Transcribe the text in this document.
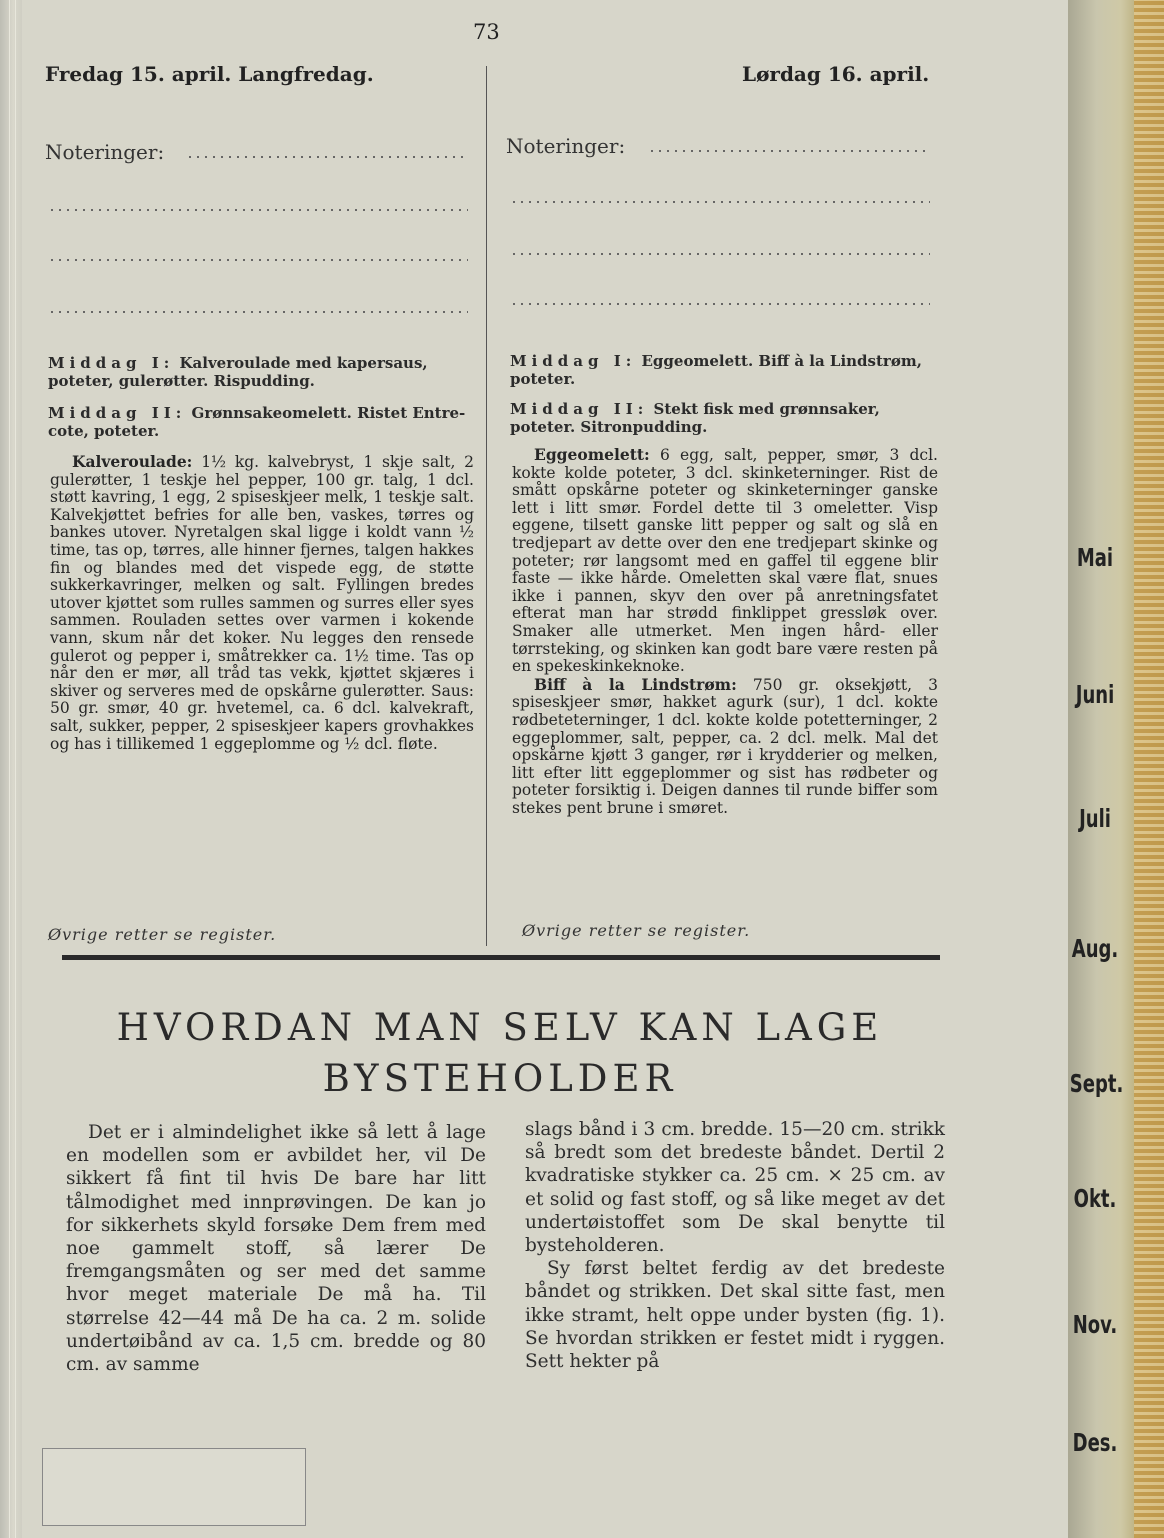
73
Fredag 15. april. Langfredag.
Noteringer:
Middag I: Kalveroulade med kapersaus, poteter, gulerøtter. Rispudding.
Middag II: Grønnsakeomelett. Ristet Entre-cote, poteter.

Kalveroulade: 1½ kg. kalvebryst, 1 skje salt, 2 gulerøtter, 1 teskje hel pepper, 100 gr. talg, 1 dcl. støtt kavring, 1 egg, 2 spiseskjeer melk, 1 teskje salt. Kalvekjøttet befries for alle ben, vaskes, tørres og bankes utover. Nyretalgen skal ligge i koldt vann ½ time, tas op, tørres, alle hinner fjernes, talgen hakkes fin og blandes med det vispede egg, de støtte sukkerkavringer, melken og salt. Fyllingen bredes utover kjøttet som rulles sammen og surres eller syes sammen. Rouladen settes over varmen i kokende vann, skum når det koker. Nu legges den rensede gulerot og pepper i, småtrekker ca. 1½ time. Tas op når den er mør, all tråd tas vekk, kjøttet skjæres i skiver og serveres med de opskårne gulerøtter. Saus: 50 gr. smør, 40 gr. hvetemel, ca. 6 dcl. kalvekraft, salt, sukker, pepper, 2 spiseskjeer kapers grovhakkes og has i tillikemed 1 eggeplomme og ½ dcl. fløte.

Øvrige retter se register.
Lørdag 16. april.
Noteringer:
Middag I: Eggeomelett. Biff à la Lindstrøm, poteter.
Middag II: Stekt fisk med grønnsaker, poteter. Sitronpudding.

Eggeomelett: 6 egg, salt, pepper, smør, 3 dcl. kokte kolde poteter, 3 dcl. skinketerninger. Rist de smått opskårne poteter og skinketerninger ganske lett i litt smør. Fordel dette til 3 omeletter. Visp eggene, tilsett ganske litt pepper og salt og slå en tredjepart av dette over den ene tredjepart skinke og poteter; rør langsomt med en gaffel til eggene blir faste — ikke hårde. Omeletten skal være flat, snues ikke i pannen, skyv den over på anretningsfatet efterat man har strødd finklippet gressløk over. Smaker alle utmerket. Men ingen hård- eller tørrsteking, og skinken kan godt bare være resten på en spekeskinkeknoke.

Biff à la Lindstrøm: 750 gr. oksekjøtt, 3 spiseskjeer smør, hakket agurk (sur), 1 dcl. kokte rødbeteterninger, 1 dcl. kokte kolde potetterninger, 2 eggeplommer, salt, pepper, ca. 2 dcl. melk. Mal det opskårne kjøtt 3 ganger, rør i krydderier og melken, litt efter litt eggeplommer og sist has rødbeter og poteter forsiktig i. Deigen dannes til runde biffer som stekes pent brune i smøret.

Øvrige retter se register.
HVORDAN MAN SELV KAN LAGE
BYSTEHOLDER

Det er i almindelighet ikke så lett å lage en modellen som er avbildet her, vil De sikkert få fint til hvis De bare har litt tålmodighet med innprøvingen. De kan jo for sikkerhets skyld forsøke Dem frem med noe gammelt stoff, så lærer De fremgangsmåten og ser med det samme hvor meget materiale De må ha. Til størrelse 42—44 må De ha ca. 2 m. solide undertøibånd av ca. 1,5 cm. bredde og 80 cm. av samme

slags bånd i 3 cm. bredde. 15—20 cm. strikk så bredt som det bredeste båndet. Dertil 2 kvadratiske stykker ca. 25 cm. × 25 cm. av et solid og fast stoff, og så like meget av det undertøistoffet som De skal benytte til bysteholderen.

Sy først beltet ferdig av det bredeste båndet og strikken. Det skal sitte fast, men ikke stramt, helt oppe under bysten (fig. 1). Se hvordan strikken er festet midt i ryggen. Sett hekter på

Mai
Juni
Juli
Aug.
Sept.
Okt.
Nov.
Des.
